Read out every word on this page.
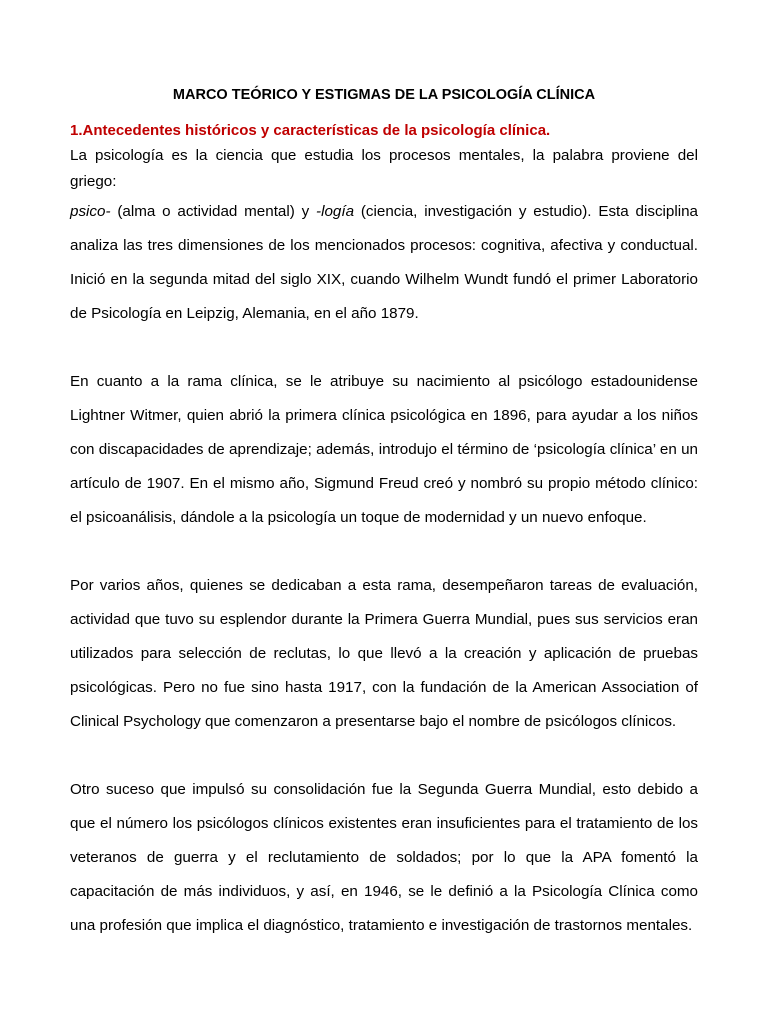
MARCO TEÓRICO Y ESTIGMAS DE LA PSICOLOGÍA CLÍNICA
1.Antecedentes históricos y características de la psicología clínica.

La psicología es la ciencia que estudia los procesos mentales, la palabra proviene del griego:
psico- (alma o actividad mental) y -logía (ciencia, investigación y estudio). Esta disciplina analiza las tres dimensiones de los mencionados procesos: cognitiva, afectiva y conductual. Inició en la segunda mitad del siglo XIX, cuando Wilhelm Wundt fundó el primer Laboratorio de Psicología en Leipzig, Alemania, en el año 1879.

En cuanto a la rama clínica, se le atribuye su nacimiento al psicólogo estadounidense Lightner Witmer, quien abrió la primera clínica psicológica en 1896, para ayudar a los niños con discapacidades de aprendizaje; además, introdujo el término de ‘psicología clínica’ en un artículo de 1907. En el mismo año, Sigmund Freud creó y nombró su propio método clínico: el psicoanálisis, dándole a la psicología un toque de modernidad y un nuevo enfoque.

Por varios años, quienes se dedicaban a esta rama, desempeñaron tareas de evaluación, actividad que tuvo su esplendor durante la Primera Guerra Mundial, pues sus servicios eran utilizados para selección de reclutas, lo que llevó a la creación y aplicación de pruebas psicológicas. Pero no fue sino hasta 1917, con la fundación de la American Association of Clinical Psychology que comenzaron a presentarse bajo el nombre de psicólogos clínicos.

Otro suceso que impulsó su consolidación fue la Segunda Guerra Mundial, esto debido a que el número los psicólogos clínicos existentes eran insuficientes para el tratamiento de los veteranos de guerra y el reclutamiento de soldados; por lo que la APA fomentó la capacitación de más individuos, y así, en 1946, se le definió a la Psicología Clínica como una profesión que implica el diagnóstico, tratamiento e investigación de trastornos mentales.
